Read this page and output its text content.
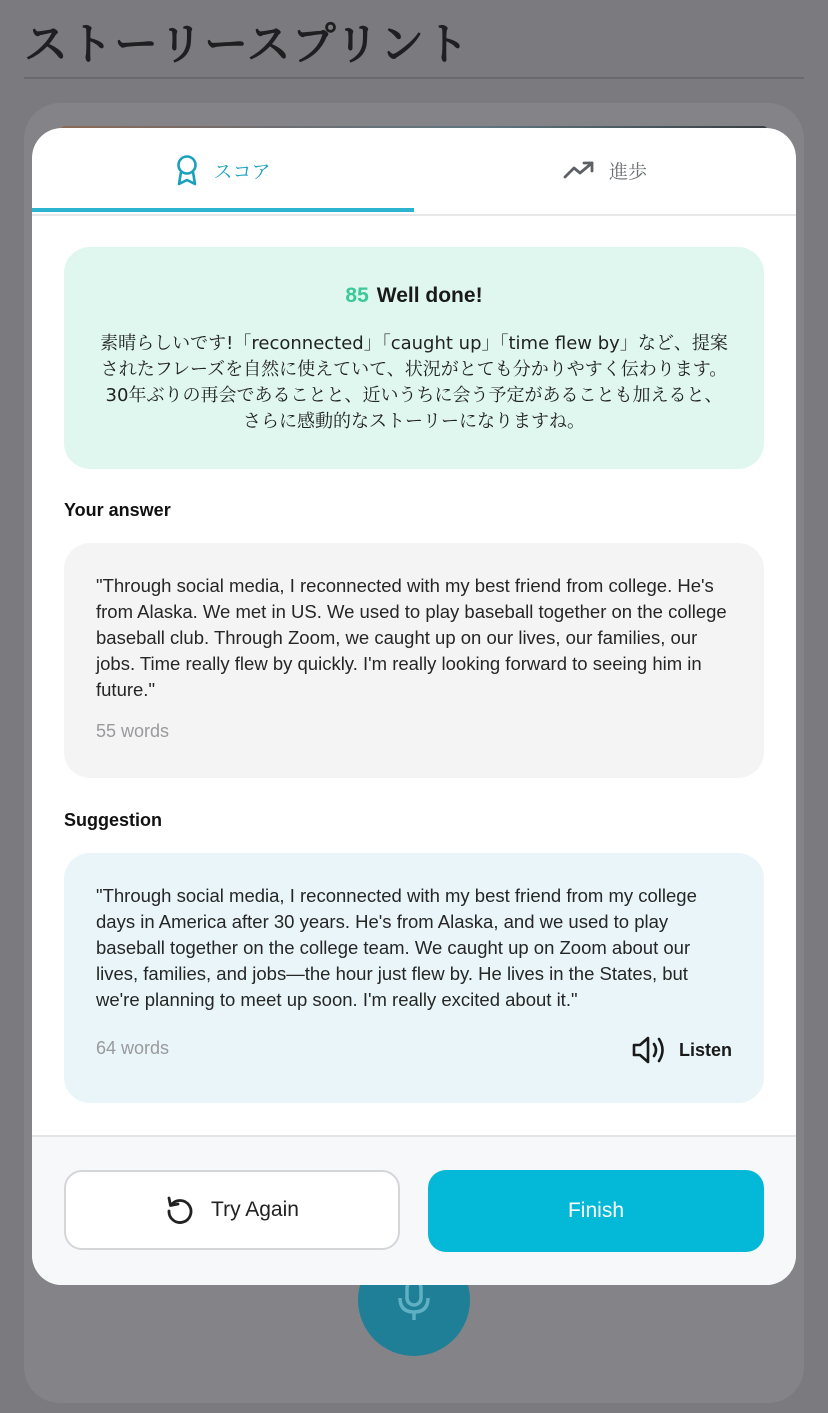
ストーリースプリント
スコア	進歩
85 Well done!
素晴らしいです!「reconnected」「caught up」「time flew by」など、提案されたフレーズを自然に使えていて、状況がとても分かりやすく伝わります。30年ぶりの再会であることと、近いうちに会う予定があることも加えると、さらに感動的なストーリーになりますね。
Your answer
"Through social media, I reconnected with my best friend from college. He's from Alaska. We met in US. We used to play baseball together on the college baseball club. Through Zoom, we caught up on our lives, our families, our jobs. Time really flew by quickly. I'm really looking forward to seeing him in future."
55 words
Suggestion
"Through social media, I reconnected with my best friend from my college days in America after 30 years. He's from Alaska, and we used to play baseball together on the college team. We caught up on Zoom about our lives, families, and jobs—the hour just flew by. He lives in the States, but we're planning to meet up soon. I'm really excited about it."
64 words	Listen
Try Again	Finish
